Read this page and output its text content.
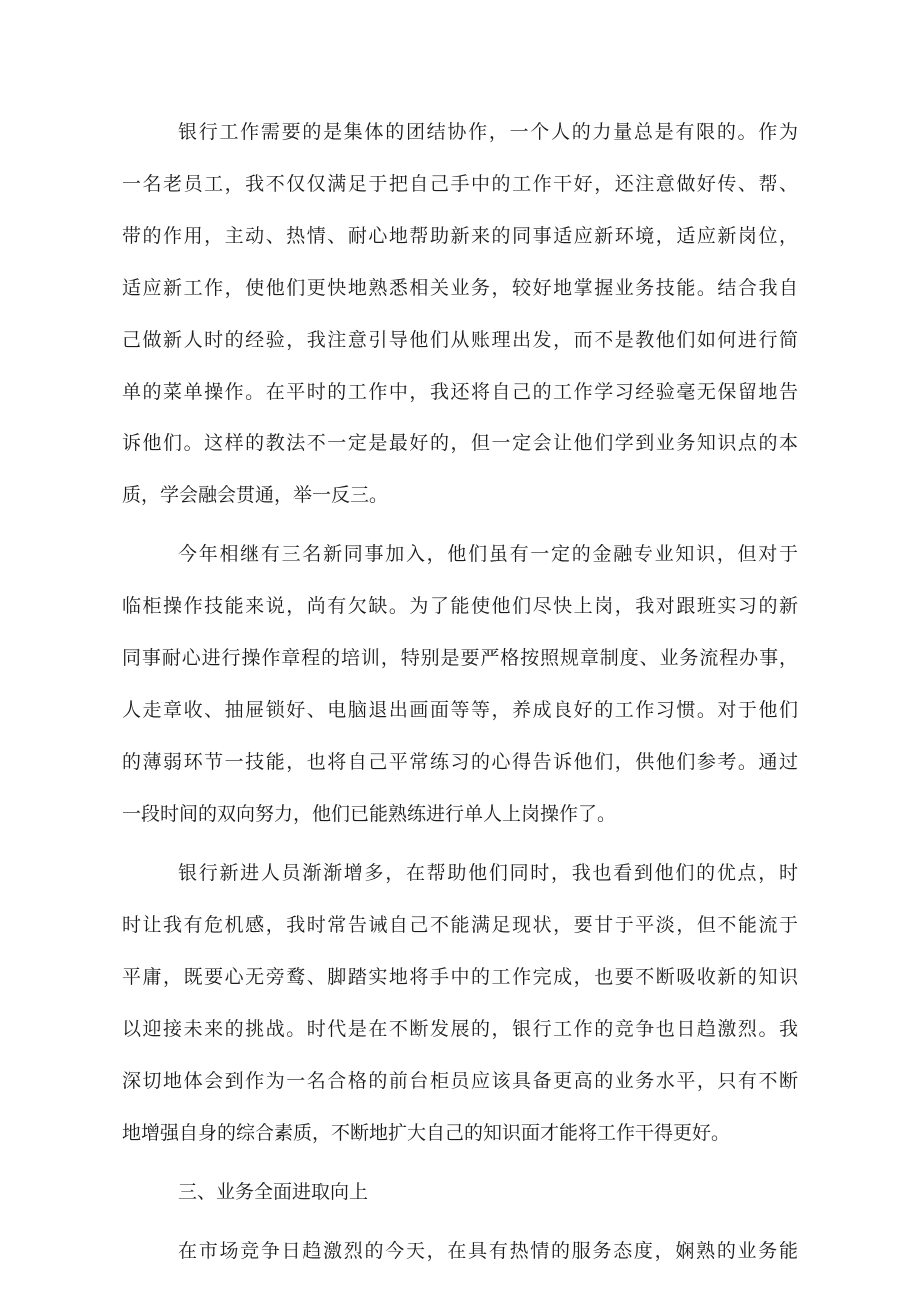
银行工作需要的是集体的团结协作，一个人的力量总是有限的。作为
一名老员工，我不仅仅满足于把自己手中的工作干好，还注意做好传、帮、
带的作用，主动、热情、耐心地帮助新来的同事适应新环境，适应新岗位，
适应新工作，使他们更快地熟悉相关业务，较好地掌握业务技能。结合我自
己做新人时的经验，我注意引导他们从账理出发，而不是教他们如何进行简
单的菜单操作。在平时的工作中，我还将自己的工作学习经验毫无保留地告
诉他们。这样的教法不一定是最好的，但一定会让他们学到业务知识点的本
质，学会融会贯通，举一反三。
今年相继有三名新同事加入，他们虽有一定的金融专业知识，但对于
临柜操作技能来说，尚有欠缺。为了能使他们尽快上岗，我对跟班实习的新
同事耐心进行操作章程的培训，特别是要严格按照规章制度、业务流程办事，
人走章收、抽屉锁好、电脑退出画面等等，养成良好的工作习惯。对于他们
的薄弱环节一技能，也将自己平常练习的心得告诉他们，供他们参考。通过
一段时间的双向努力，他们已能熟练进行单人上岗操作了。
银行新进人员渐渐增多，在帮助他们同时，我也看到他们的优点，时
时让我有危机感，我时常告诫自己不能满足现状，要甘于平淡，但不能流于
平庸，既要心无旁鹜、脚踏实地将手中的工作完成，也要不断吸收新的知识
以迎接未来的挑战。时代是在不断发展的，银行工作的竞争也日趋激烈。我
深切地体会到作为一名合格的前台柜员应该具备更高的业务水平，只有不断
地增强自身的综合素质，不断地扩大自己的知识面才能将工作干得更好。
三、业务全面进取向上
在市场竞争日趋激烈的今天，在具有热情的服务态度，娴熟的业务能
